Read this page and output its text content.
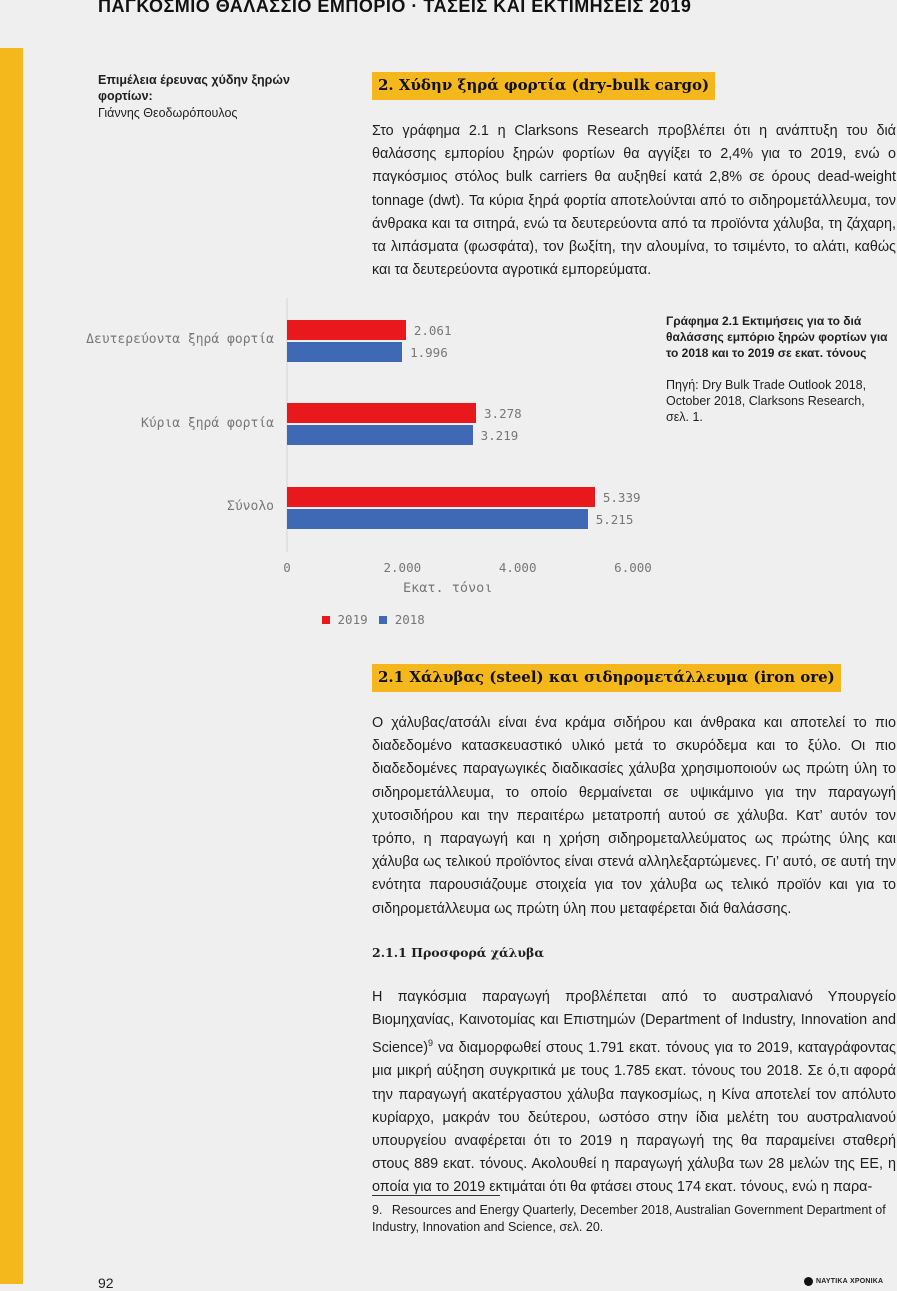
ΠΑΓΚΟΣΜΙΟ ΘΑΛΑΣΣΙΟ ΕΜΠΟΡΙΟ · ΤΑΣΕΙΣ ΚΑΙ ΕΚΤΙΜΗΣΕΙΣ 2019
Επιμέλεια έρευνας χύδην ξηρών φορτίων:
Γιάννης Θεοδωρόπουλος
2. Χύδην ξηρά φορτία (dry-bulk cargo)
Στο γράφημα 2.1 η Clarksons Research προβλέπει ότι η ανάπτυξη του διά θαλάσσης εμπορίου ξηρών φορτίων θα αγγίξει το 2,4% για το 2019, ενώ ο παγκόσμιος στόλος bulk carriers θα αυξηθεί κατά 2,8% σε όρους dead-weight tonnage (dwt). Τα κύρια ξηρά φορτία αποτελούνται από το σιδηρομετάλλευμα, τον άνθρακα και τα σιτηρά, ενώ τα δευτερεύοντα από τα προϊόντα χάλυβα, τη ζάχαρη, τα λιπάσματα (φωσφάτα), τον βωξίτη, την αλουμίνα, το τσιμέντο, το αλάτι, καθώς και τα δευτερεύοντα αγροτικά εμπορεύματα.
Δευτερεύοντα ξηρά φορτία
Κύρια ξηρά φορτία
Σύνολο
2.061
1.996
3.278
3.219
5.339
5.215
0	2.000	4.000	6.000
Εκατ. τόνοι
2019 2018
Γράφημα 2.1 Εκτιμήσεις για το διά θαλάσσης εμπόριο ξηρών φορτίων για το 2018 και το 2019 σε εκατ. τόνους
Πηγή: Dry Bulk Trade Outlook 2018, October 2018, Clarksons Research, σελ. 1.
2.1 Χάλυβας (steel) και σιδηρομετάλλευμα (iron ore)
Ο χάλυβας/ατσάλι είναι ένα κράμα σιδήρου και άνθρακα και αποτελεί το πιο διαδεδομένο κατασκευαστικό υλικό μετά το σκυρόδεμα και το ξύλο. Οι πιο διαδεδομένες παραγωγικές διαδικασίες χάλυβα χρησιμοποιούν ως πρώτη ύλη το σιδηρομετάλλευμα, το οποίο θερμαίνεται σε υψικάμινο για την παραγωγή χυτοσιδήρου και την περαιτέρω μετατροπή αυτού σε χάλυβα. Κατ’ αυτόν τον τρόπο, η παραγωγή και η χρήση σιδηρομεταλλεύματος ως πρώτης ύλης και χάλυβα ως τελικού προϊόντος είναι στενά αλληλεξαρτώμενες. Γι’ αυτό, σε αυτή την ενότητα παρουσιάζουμε στοιχεία για τον χάλυβα ως τελικό προϊόν και για το σιδηρομετάλλευμα ως πρώτη ύλη που μεταφέρεται διά θαλάσσης.
2.1.1 Προσφορά χάλυβα
Η παγκόσμια παραγωγή προβλέπεται από το αυστραλιανό Υπουργείο Βιομηχανίας, Καινοτομίας και Επιστημών (Department of Industry, Innovation and Science)$^9$ να διαμορφωθεί στους 1.791 εκατ. τόνους για το 2019, καταγράφοντας μια μικρή αύξηση συγκριτικά με τους 1.785 εκατ. τόνους του 2018. Σε ό,τι αφορά την παραγωγή ακατέργαστου χάλυβα παγκοσμίως, η Κίνα αποτελεί τον απόλυτο κυρίαρχο, μακράν του δεύτερου, ωστόσο στην ίδια μελέτη του αυστραλιανού υπουργείου αναφέρεται ότι το 2019 η παραγωγή της θα παραμείνει σταθερή στους 889 εκατ. τόνους. Ακολουθεί η παραγωγή χάλυβα των 28 μελών της ΕΕ, η οποία για το 2019 εκτιμάται ότι θα φτάσει στους 174 εκατ. τόνους, ενώ η παρα-
9. Resources and Energy Quarterly, December 2018, Australian Government Department of Industry, Innovation and Science, σελ. 20.
92	ΝΑΥΤΙΚΑ ΧΡΟΝΙΚΑ
